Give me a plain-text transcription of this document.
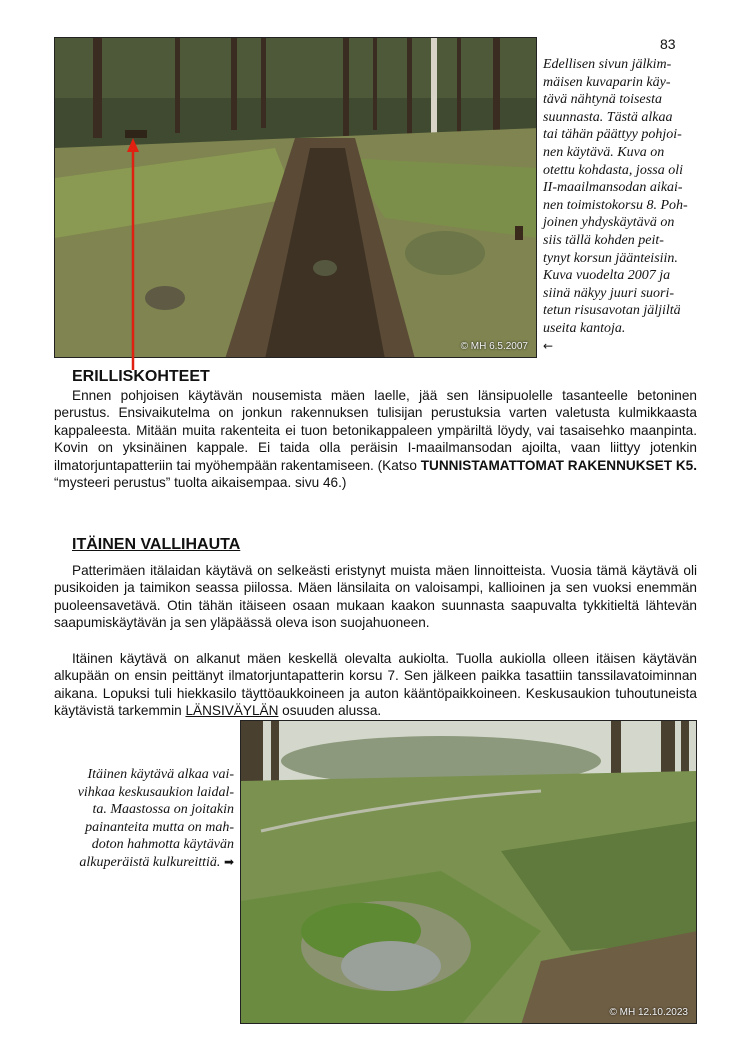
83
© MH 6.5.2007
Edellisen sivun jälkim-
mäisen kuvaparin käy-
tävä nähtynä toisesta
suunnasta. Tästä alkaa
tai tähän päättyy pohjoi-
nen käytävä. Kuva on
otettu kohdasta, jossa oli
II-maailmansodan aikai-
nen toimistokorsu 8. Poh-
joinen yhdyskäytävä on
siis tällä kohden peit-
tynyt korsun jäänteisiin.
Kuva vuodelta 2007 ja
siinä näkyy juuri suori-
tetun risusavotan jäljiltä
useita kantoja.
←
ERILLISKOHTEET
Ennen pohjoisen käytävän nousemista mäen laelle, jää sen länsipuolelle tasanteelle betoninen perustus. Ensivaikutelma on jonkun rakennuksen tulisijan perustuksia varten valetusta kulmikkaasta kappaleesta. Mitään muita rakenteita ei tuon betonikappaleen ympäriltä löydy, vai tasaisehko maanpinta. Kovin on yksinäinen kappale. Ei taida olla peräisin I-maailmansodan ajoilta, vaan liittyy jotenkin ilmatorjuntapatteriin tai myöhempään rakentamiseen. (Katso TUNNISTAMATTOMAT RAKENNUKSET K5. “mysteeri perustus” tuolta aikaisempaa. sivu 46.)
ITÄINEN VALLIHAUTA
Patterimäen itälaidan käytävä on selkeästi eristynyt muista mäen linnoitteista. Vuosia tämä käytävä oli pusikoiden ja taimikon seassa piilossa. Mäen länsilaita on valoisampi, kallioinen ja sen vuoksi enemmän puoleensavetävä. Otin tähän itäiseen osaan mukaan kaakon suunnasta saapuvalta tykkitieltä lähtevän saapumiskäytävän ja sen yläpäässä oleva ison suojahuoneen.
Itäinen käytävä on alkanut mäen keskellä olevalta aukiolta. Tuolla aukiolla olleen itäisen käytävän alkupään on ensin peittänyt ilmatorjuntapatterin korsu 7. Sen jälkeen paikka tasattiin tanssilavatoiminnan aikana. Lopuksi tuli hiekkasilo täyttöaukkoineen ja auton kääntöpaikkoineen. Keskusaukion tuhoutuneista käytävistä tarkemmin LÄNSIVÄYLÄN osuuden alussa.
Itäinen käytävä alkaa vai-
vihkaa keskusaukion laidal-
ta. Maastossa on joitakin
painanteita mutta on mah-
doton hahmotta käytävän
alkuperäistä kulkureittiä. ➡
© MH 12.10.2023
